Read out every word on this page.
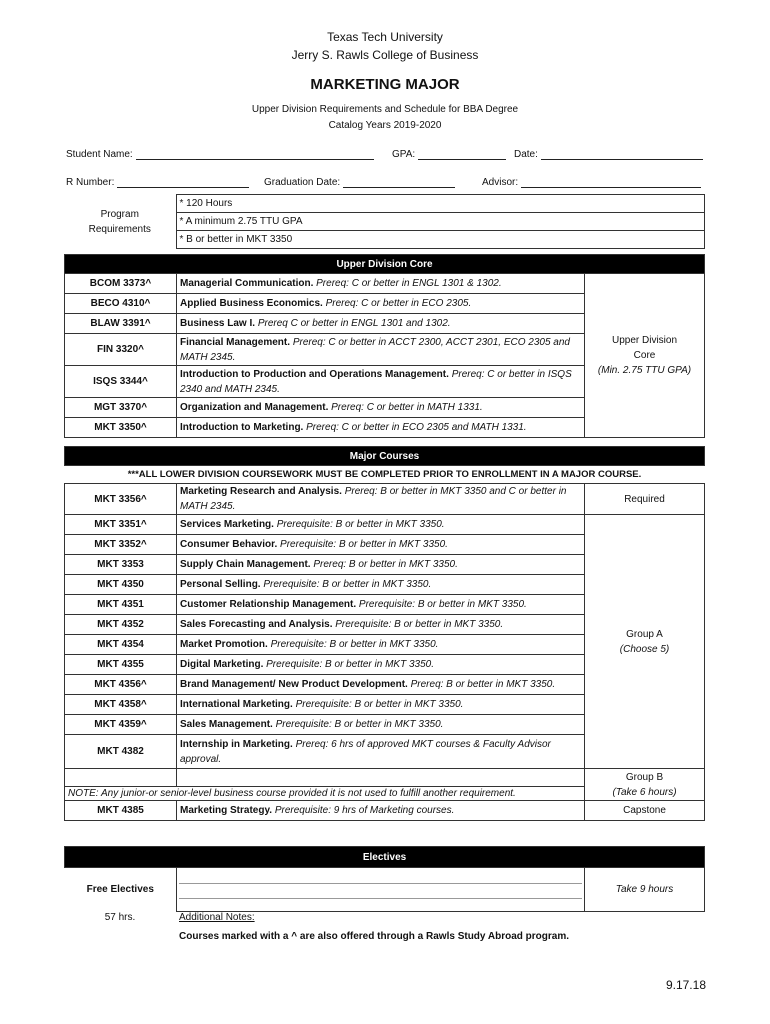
Texas Tech University
Jerry S. Rawls College of Business
MARKETING MAJOR
Upper Division Requirements and Schedule for BBA Degree
Catalog Years 2019-2020
Student Name:	GPA:	Date:
R Number:	Graduation Date:	Advisor:
Program
Requirements
	* 120 Hours
* A minimum 2.75 TTU GPA
* B or better in MKT 3350
Upper Division Core		
BCOM 3373^	Managerial Communication. Prereq: C or better in ENGL 1301 & 1302.	Upper Division
Core
(Min. 2.75 TTU GPA)

BECO 4310^	Applied Business Economics. Prereq: C or better in ECO 2305.	
BLAW 3391^	Business Law I. Prereq C or better in ENGL 1301 and 1302.	
FIN 3320^	Financial Management. Prereq: C or better in ACCT 2300, ACCT 2301, ECO 2305 and MATH 2345.	
ISQS 3344^	Introduction to Production and Operations Management. Prereq: C or better in ISQS 2340 and MATH 2345.	
MGT 3370^	Organization and Management. Prereq: C or better in MATH 1331.	
MKT 3350^	Introduction to Marketing. Prereq: C or better in ECO 2305 and MATH 1331.	
Major Courses		
***ALL LOWER DIVISION COURSEWORK MUST BE COMPLETED PRIOR TO ENROLLMENT IN A MAJOR COURSE.		
MKT 3356^	Marketing Research and Analysis. Prereq: B or better in MKT 3350 and C or better in MATH 2345.	Required
MKT 3351^	Services Marketing. Prerequisite: B or better in MKT 3350.	Group A
(Choose 5)

MKT 3352^	Consumer Behavior. Prerequisite: B or better in MKT 3350.	
MKT 3353	Supply Chain Management. Prereq: B or better in MKT 3350.	
MKT 4350	Personal Selling. Prerequisite: B or better in MKT 3350.	
MKT 4351	Customer Relationship Management. Prerequisite: B or better in MKT 3350.	
MKT 4352	Sales Forecasting and Analysis. Prerequisite: B or better in MKT 3350.	
MKT 4354	Market Promotion. Prerequisite: B or better in MKT 3350.	
MKT 4355	Digital Marketing. Prerequisite: B or better in MKT 3350.	
MKT 4356^	Brand Management/ New Product Development. Prereq: B or better in MKT 3350.	
MKT 4358^	International Marketing. Prerequisite: B or better in MKT 3350.	
MKT 4359^	Sales Management. Prerequisite: B or better in MKT 3350.	
MKT 4382	Internship in Marketing. Prereq: 6 hrs of approved MKT courses & Faculty Advisor approval.	

		Group B
(Take 6 hours)

NOTE: Any junior-or senior-level business course provided it is not used to fulfill another requirement.		
MKT 4385	Marketing Strategy. Prerequisite: 9 hrs of Marketing courses.	Capstone
Electives
Free Electives		Take 9 hours
57 hrs.	Additional Notes:
Courses marked with a ^ are also offered through a Rawls Study Abroad program.
9.17.18
